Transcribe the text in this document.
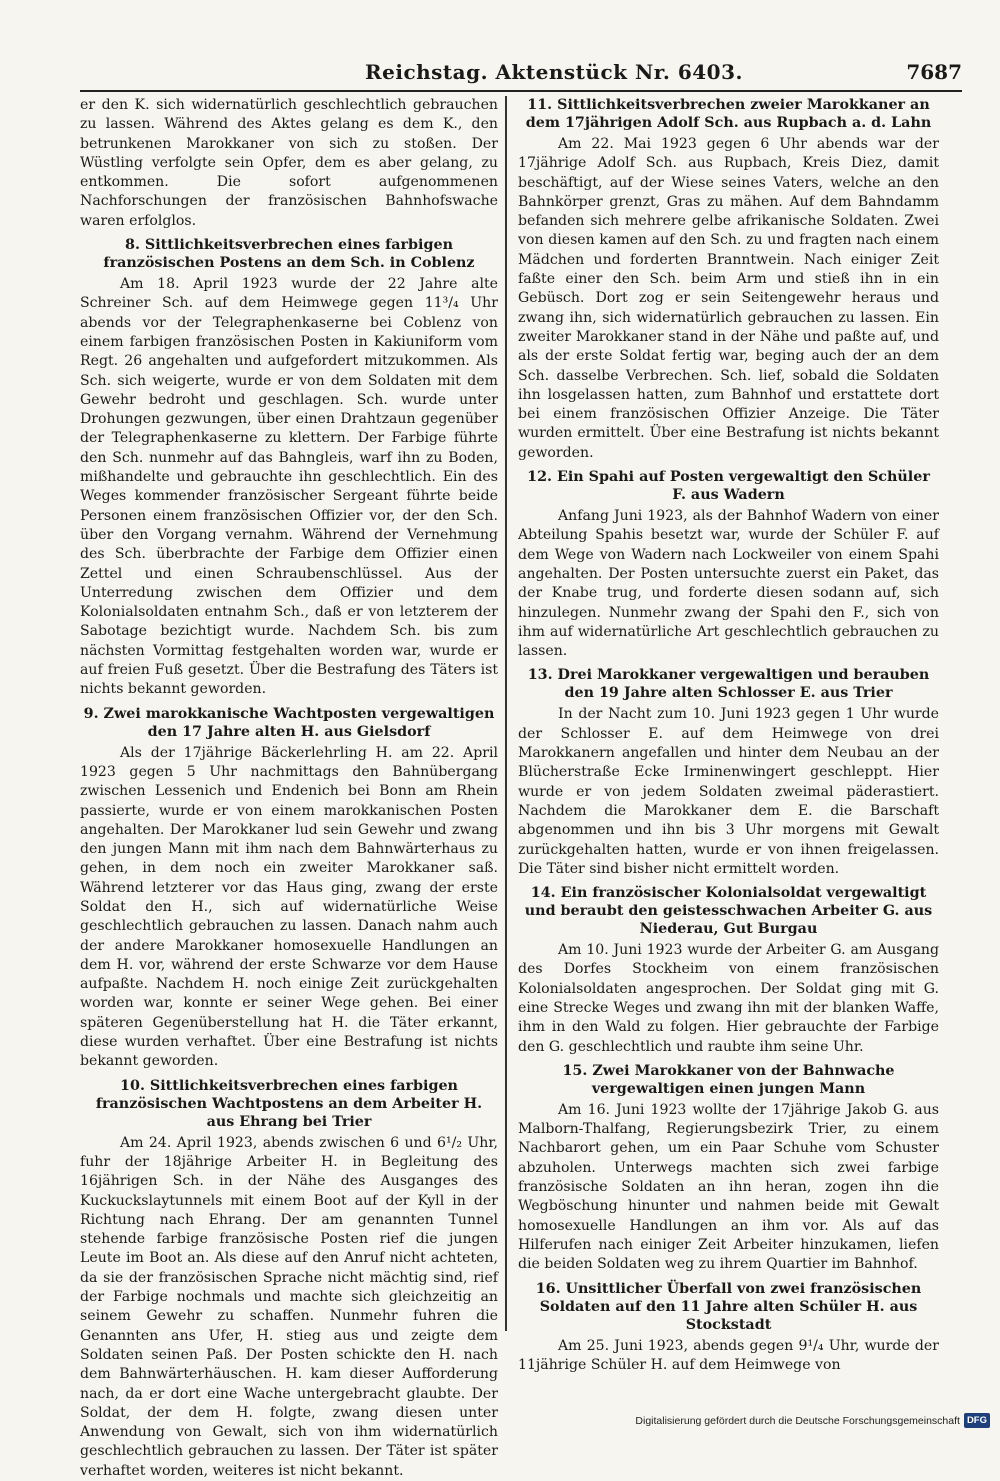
Reichstag. Aktenstück Nr. 6403.	7687

er den K. sich widernatürlich geschlechtlich gebrauchen zu lassen. Während des Aktes gelang es dem K., den betrunkenen Marokkaner von sich zu stoßen. Der Wüstling verfolgte sein Opfer, dem es aber gelang, zu entkommen. Die sofort aufgenommenen Nachforschungen der französischen Bahnhofswache waren erfolglos.

8. Sittlichkeitsverbrechen eines farbigen französischen Postens an dem Sch. in Coblenz

Am 18. April 1923 wurde der 22 Jahre alte Schreiner Sch. auf dem Heimwege gegen 11³/₄ Uhr abends vor der Telegraphenkaserne bei Coblenz von einem farbigen französischen Posten in Kakiuniform vom Regt. 26 angehalten und aufgefordert mitzukommen. Als Sch. sich weigerte, wurde er von dem Soldaten mit dem Gewehr bedroht und geschlagen. Sch. wurde unter Drohungen gezwungen, über einen Drahtzaun gegenüber der Telegraphenkaserne zu klettern. Der Farbige führte den Sch. nunmehr auf das Bahngleis, warf ihn zu Boden, mißhandelte und gebrauchte ihn geschlechtlich. Ein des Weges kommender französischer Sergeant führte beide Personen einem französischen Offizier vor, der den Sch. über den Vorgang vernahm. Während der Vernehmung des Sch. überbrachte der Farbige dem Offizier einen Zettel und einen Schraubenschlüssel. Aus der Unterredung zwischen dem Offizier und dem Kolonialsoldaten entnahm Sch., daß er von letzterem der Sabotage bezichtigt wurde. Nachdem Sch. bis zum nächsten Vormittag festgehalten worden war, wurde er auf freien Fuß gesetzt. Über die Bestrafung des Täters ist nichts bekannt geworden.

9. Zwei marokkanische Wachtposten vergewaltigen den 17 Jahre alten H. aus Gielsdorf

Als der 17jährige Bäckerlehrling H. am 22. April 1923 gegen 5 Uhr nachmittags den Bahnübergang zwischen Lessenich und Endenich bei Bonn am Rhein passierte, wurde er von einem marokkanischen Posten angehalten. Der Marokkaner lud sein Gewehr und zwang den jungen Mann mit ihm nach dem Bahnwärterhaus zu gehen, in dem noch ein zweiter Marokkaner saß. Während letzterer vor das Haus ging, zwang der erste Soldat den H., sich auf widernatürliche Weise geschlechtlich gebrauchen zu lassen. Danach nahm auch der andere Marokkaner homosexuelle Handlungen an dem H. vor, während der erste Schwarze vor dem Hause aufpaßte. Nachdem H. noch einige Zeit zurückgehalten worden war, konnte er seiner Wege gehen. Bei einer späteren Gegenüberstellung hat H. die Täter erkannt, diese wurden verhaftet. Über eine Bestrafung ist nichts bekannt geworden.

10. Sittlichkeitsverbrechen eines farbigen französischen Wachtpostens an dem Arbeiter H. aus Ehrang bei Trier

Am 24. April 1923, abends zwischen 6 und 6¹/₂ Uhr, fuhr der 18jährige Arbeiter H. in Begleitung des 16jährigen Sch. in der Nähe des Ausganges des Kuckuckslaytunnels mit einem Boot auf der Kyll in der Richtung nach Ehrang. Der am genannten Tunnel stehende farbige französische Posten rief die jungen Leute im Boot an. Als diese auf den Anruf nicht achteten, da sie der französischen Sprache nicht mächtig sind, rief der Farbige nochmals und machte sich gleichzeitig an seinem Gewehr zu schaffen. Nunmehr fuhren die Genannten ans Ufer, H. stieg aus und zeigte dem Soldaten seinen Paß. Der Posten schickte den H. nach dem Bahnwärterhäuschen. H. kam dieser Aufforderung nach, da er dort eine Wache untergebracht glaubte. Der Soldat, der dem H. folgte, zwang diesen unter Anwendung von Gewalt, sich von ihm widernatürlich geschlechtlich gebrauchen zu lassen. Der Täter ist später verhaftet worden, weiteres ist nicht bekannt.

11. Sittlichkeitsverbrechen zweier Marokkaner an dem 17jährigen Adolf Sch. aus Rupbach a. d. Lahn

Am 22. Mai 1923 gegen 6 Uhr abends war der 17jährige Adolf Sch. aus Rupbach, Kreis Diez, damit beschäftigt, auf der Wiese seines Vaters, welche an den Bahnkörper grenzt, Gras zu mähen. Auf dem Bahndamm befanden sich mehrere gelbe afrikanische Soldaten. Zwei von diesen kamen auf den Sch. zu und fragten nach einem Mädchen und forderten Branntwein. Nach einiger Zeit faßte einer den Sch. beim Arm und stieß ihn in ein Gebüsch. Dort zog er sein Seitengewehr heraus und zwang ihn, sich widernatürlich gebrauchen zu lassen. Ein zweiter Marokkaner stand in der Nähe und paßte auf, und als der erste Soldat fertig war, beging auch der an dem Sch. dasselbe Verbrechen. Sch. lief, sobald die Soldaten ihn losgelassen hatten, zum Bahnhof und erstattete dort bei einem französischen Offizier Anzeige. Die Täter wurden ermittelt. Über eine Bestrafung ist nichts bekannt geworden.

12. Ein Spahi auf Posten vergewaltigt den Schüler F. aus Wadern

Anfang Juni 1923, als der Bahnhof Wadern von einer Abteilung Spahis besetzt war, wurde der Schüler F. auf dem Wege von Wadern nach Lockweiler von einem Spahi angehalten. Der Posten untersuchte zuerst ein Paket, das der Knabe trug, und forderte diesen sodann auf, sich hinzulegen. Nunmehr zwang der Spahi den F., sich von ihm auf widernatürliche Art geschlechtlich gebrauchen zu lassen.

13. Drei Marokkaner vergewaltigen und berauben den 19 Jahre alten Schlosser E. aus Trier

In der Nacht zum 10. Juni 1923 gegen 1 Uhr wurde der Schlosser E. auf dem Heimwege von drei Marokkanern angefallen und hinter dem Neubau an der Blücherstraße Ecke Irminenwingert geschleppt. Hier wurde er von jedem Soldaten zweimal päderastiert. Nachdem die Marokkaner dem E. die Barschaft abgenommen und ihn bis 3 Uhr morgens mit Gewalt zurückgehalten hatten, wurde er von ihnen freigelassen. Die Täter sind bisher nicht ermittelt worden.

14. Ein französischer Kolonialsoldat vergewaltigt und beraubt den geistesschwachen Arbeiter G. aus Niederau, Gut Burgau

Am 10. Juni 1923 wurde der Arbeiter G. am Ausgang des Dorfes Stockheim von einem französischen Kolonialsoldaten angesprochen. Der Soldat ging mit G. eine Strecke Weges und zwang ihn mit der blanken Waffe, ihm in den Wald zu folgen. Hier gebrauchte der Farbige den G. geschlechtlich und raubte ihm seine Uhr.

15. Zwei Marokkaner von der Bahnwache vergewaltigen einen jungen Mann

Am 16. Juni 1923 wollte der 17jährige Jakob G. aus Malborn-Thalfang, Regierungsbezirk Trier, zu einem Nachbarort gehen, um ein Paar Schuhe vom Schuster abzuholen. Unterwegs machten sich zwei farbige französische Soldaten an ihn heran, zogen ihn die Wegböschung hinunter und nahmen beide mit Gewalt homosexuelle Handlungen an ihm vor. Als auf das Hilferufen nach einiger Zeit Arbeiter hinzukamen, liefen die beiden Soldaten weg zu ihrem Quartier im Bahnhof.

16. Unsittlicher Überfall von zwei französischen Soldaten auf den 11 Jahre alten Schüler H. aus Stockstadt

Am 25. Juni 1923, abends gegen 9¹/₄ Uhr, wurde der 11jährige Schüler H. auf dem Heimwege von

Digitalisierung gefördert durch die Deutsche Forschungsgemeinschaft DFG
